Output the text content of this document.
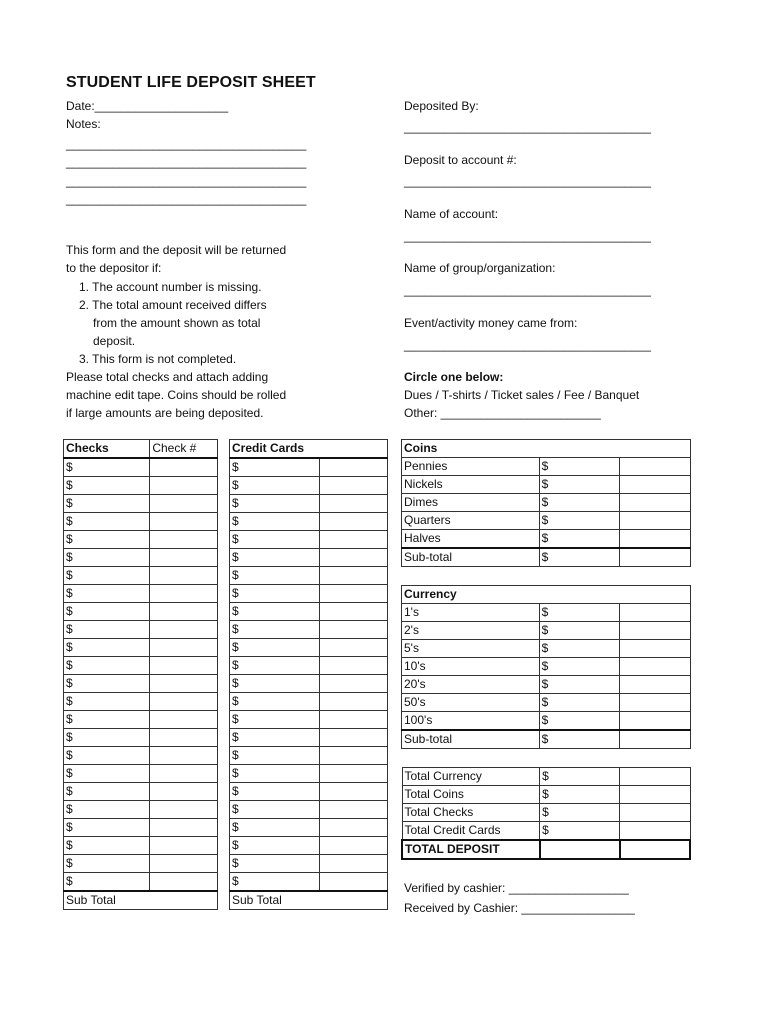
STUDENT LIFE DEPOSIT SHEET
Date:____________________
Notes:
____________________________________
____________________________________
____________________________________
____________________________________
This form and the deposit will be returned
to the depositor if:
1. The account number is missing.
2. The total amount received differs
from the amount shown as total
deposit.
3. This form is not completed.
Please total checks and attach adding
machine edit tape. Coins should be rolled
if large amounts are being deposited.
Deposited By:
_____________________________________
Deposit to account #:
_____________________________________
Name of account:
_____________________________________
Name of group/organization:
_____________________________________
Event/activity money came from:
_____________________________________
Circle one below:
Dues / T-shirts / Ticket sales / Fee / Banquet
Other: ________________________
Checks	Check #
$	
$	
$	
$	
$	
$	
$	
$	
$	
$	
$	
$	
$	
$	
$	
$	
$	
$	
$	
$	
$	
$	
$	
$	
Sub Total	
Credit Cards	
$	
$	
$	
$	
$	
$	
$	
$	
$	
$	
$	
$	
$	
$	
$	
$	
$	
$	
$	
$	
$	
$	
$	
$	
Sub Total	
Coins		
Pennies	$	
Nickels	$	
Dimes	$	
Quarters	$	
Halves	$	
Sub-total	$	
Currency		
1's	$	
2's	$	
5's	$	
10's	$	
20's	$	
50's	$	
100's	$	
Sub-total	$	
Total Currency	$	
Total Coins	$	
Total Checks	$	
Total Credit Cards	$	
TOTAL DEPOSIT		
Verified by cashier: __________________
Received by Cashier: _________________
